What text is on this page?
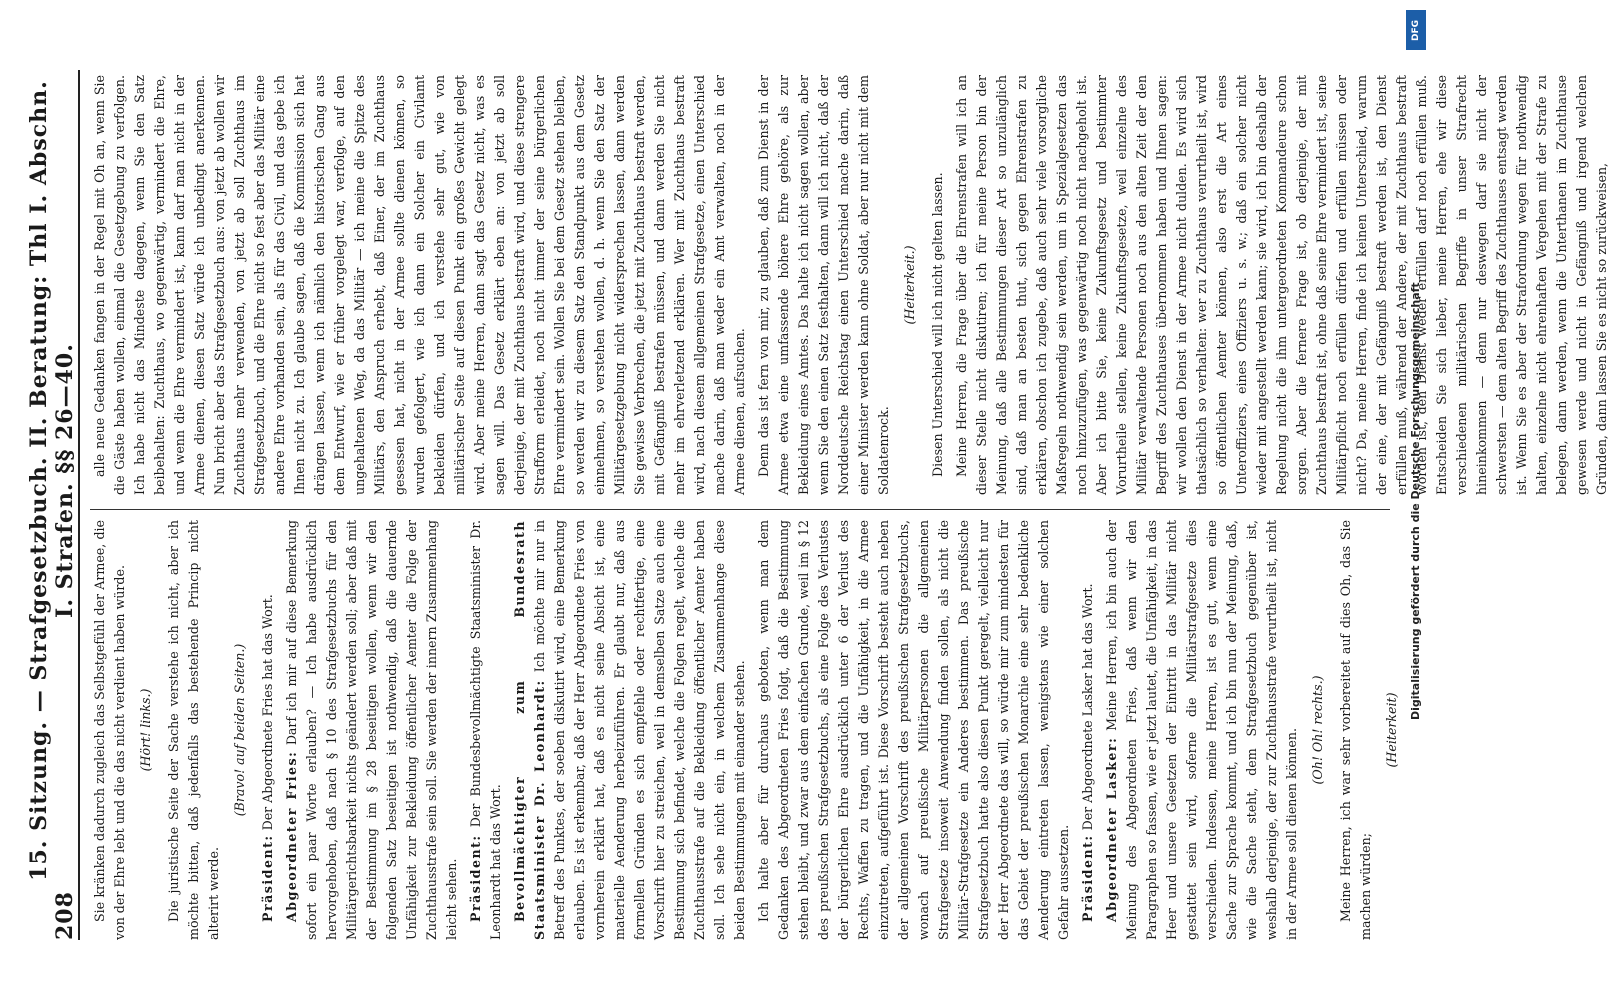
208
15. Sitzung. — Strafgesetzbuch. II. Beratung: Thl I. Abschn. I. Strafen. §§ 26—40.

Sie kränken dadurch zugleich das Selbstgefühl der Armee, die von der Ehre lebt und die das nicht verdient haben würde. (Hört! links.) Die juristische Seite der Sache verstehe ich nicht, aber ich möchte bitten, daß jedenfalls das bestehende Princip nicht alterirt werde.

(Bravo! auf beiden Seiten.)

Präsident: Der Abgeordnete Fries hat das Wort.

Abgeordneter Fries: Darf ich mir auf diese Bemerkung sofort ein paar Worte erlauben? — Ich habe ausdrücklich hervorgehoben, daß nach § 10 des Strafgesetzbuchs für den Militärgerichtsbarkeit nichts geändert werden soll; aber daß mit der Bestimmung im § 28 beseitigen wollen, wenn wir den folgenden Satz beseitigen ist nothwendig, daß die dauernde Unfähigkeit zur Bekleidung öffentlicher Aemter die Folge der Zuchthausstrafe sein soll. Sie werden der innern Zusammenhang leicht sehen. Präsident: Der Bundesbevollmächtigte Staatsminister Dr. Leonhardt hat das Wort. Bevollmächtigter zum Bundesrath Staatsminister Dr. Leonhardt: Ich möchte mir nur in Betreff des Punktes, der soeben diskutirt wird, eine Bemerkung erlauben. Es ist erkennbar, daß der Herr Abgeordnete Fries von vornherein erklärt hat, daß es nicht seine Absicht ist, eine materielle Aenderung herbeizuführen. Er glaubt nur, daß aus formellen Gründen es sich empfehle oder rechtfertige, eine Vorschrift hier zu streichen, weil in demselben Satze auch eine Bestimmung sich befindet, welche die Folgen regelt, welche die Zuchthausstrafe auf die Bekleidung öffentlicher Aemter haben soll. Ich sehe nicht ein, in welchem Zusammenhange diese beiden Bestimmungen mit einander stehen. Ich halte aber für durchaus geboten, wenn man dem Gedanken des Abgeordneten Fries folgt, daß die Bestimmung stehen bleibt, und zwar aus dem einfachen Grunde, weil im § 12 des preußischen Strafgesetzbuchs, als eine Folge des Verlustes der bürgerlichen Ehre ausdrücklich unter 6 der Verlust des Rechts, Waffen zu tragen, und die Unfähigkeit, in die Armee einzutreten, aufgeführt ist. Diese Vorschrift besteht auch neben der allgemeinen Vorschrift des preußischen Strafgesetzbuchs, wonach auf preußische Militärpersonen die allgemeinen Strafgesetze insoweit Anwendung finden sollen, als nicht die Militär-Strafgesetze ein Anderes bestimmen. Das preußische Strafgesetzbuch hatte also diesen Punkt geregelt, vielleicht nur der Herr Abgeordnete das will, so würde mir zum mindesten für das Gebiet der preußischen Monarchie eine sehr bedenkliche Aenderung eintreten lassen, wenigstens wie einer solchen Gefahr aussetzen. Präsident: Der Abgeordnete Lasker hat das Wort. Abgeordneter Lasker: Meine Herren, ich bin auch der Meinung des Abgeordneten Fries, daß wenn wir den Paragraphen so fassen, wie er jetzt lautet, die Unfähigkeit, in das Heer und unsere Gesetzen der Eintritt in das Militär nicht gestattet sein wird, soferne die Militärstrafgesetze dies verschieden. Indessen, meine Herren, ist es gut, wenn eine Sache zur Sprache kommt, und ich bin nun der Meinung, daß, wie die Sache steht, dem Strafgesetzbuch gegenüber ist, weshalb derjenige, der zur Zuchthausstrafe verurtheilt ist, nicht in der Armee soll dienen können. (Oh! Oh! rechts.) Meine Herren, ich war sehr vorbereitet auf dies Oh, das Sie machen würden;

(Heiterkeit)

alle neue Gedanken fangen in der Regel mit Oh an, wenn Sie die Gäste haben wollen, einmal die Gesetzgebung zu verfolgen. Ich habe nicht das Mindeste dagegen, wenn Sie den Satz beibehalten: Zuchthaus, wo gegenwärtig, vermindert die Ehre, und wenn die Ehre vermindert ist, kann darf man nicht in der Armee dienen, diesen Satz würde ich unbedingt anerkennen. Nun bricht aber das Strafgesetzbuch aus: von jetzt ab wollen wir Zuchthaus mehr verwenden, von jetzt ab soll Zuchthaus im Strafgesetzbuch, und die Ehre nicht so fest aber das Militär eine andere Ehre vorhanden sein, als für das Civil, und das gebe ich Ihnen nicht zu. Ich glaube sagen, daß die Kommission sich hat drängen lassen, wenn ich nämlich den historischen Gang aus dem Entwurf, wie er früher vorgelegt war, verfolge, auf den ungehaltenen Weg, da das Militär — ich meine die Spitze des Militärs, den Anspruch erhebt, daß Einer, der im Zuchthaus gesessen hat, nicht in der Armee sollte dienen können, so wurden gefolgert, wie ich dann ein Solcher ein Civilamt bekleiden dürfen, und ich verstehe sehr gut, wie von militärischer Seite auf diesen Punkt ein großes Gewicht gelegt wird. Aber meine Herren, dann sagt das Gesetz nicht, was es sagen will. Das Gesetz erklärt eben an: von jetzt ab soll derjenige, der mit Zuchthaus bestraft wird, und diese strengere Strafform erleidet, noch nicht immer der seine bürgerlichen Ehre vermindert sein. Wollen Sie bei dem Gesetz stehen bleiben, so werden wir zu diesem Satz den Standpunkt aus dem Gesetz einnehmen, so verstehen wollen, d. h. wenn Sie den Satz der Militärgesetzgebung nicht widersprechen lassen, dann werden Sie gewisse Verbrechen, die jetzt mit Zuchthaus bestraft werden, mit Gefängniß bestrafen müssen, und dann werden Sie nicht mehr im ehrverletzend erklären. Wer mit Zuchthaus bestraft wird, nach diesem allgemeinen Strafgesetze, einen Unterschied mache darin, daß man weder ein Amt verwalten, noch in der Armee dienen, aufsuchen. Denn das ist fern von mir, zu glauben, daß zum Dienst in der Armee etwa eine umfassende höhere Ehre gehöre, als zur Bekleidung eines Amtes. Das halte ich nicht sagen wollen, aber wenn Sie den einen Satz festhalten, dann will ich nicht, daß der Norddeutsche Reichstag einen Unterschied mache darin, daß einer Minister werden kann ohne Soldat, aber nur nicht mit dem Soldatenrock.

(Heiterkeit.) Diesen Unterschied will ich nicht gelten lassen. Meine Herren, die Frage über die Ehrenstrafen will ich an dieser Stelle nicht diskutiren; ich für meine Person bin der Meinung, daß alle Bestimmungen dieser Art so unzulänglich sind, daß man an besten thut, sich gegen Ehrenstrafen zu erklären, obschon ich zugebe, daß auch sehr viele vorsorgliche Maßregeln nothwendig sein werden, um in Spezialgesetzen das noch hinzuzufügen, was gegenwärtig noch nicht nachgeholt ist. Aber ich bitte Sie, keine Zukunftsgesetz und bestimmter Vorurtheile stellen, keine Zukunftsgesetze, weil einzelne des Militär verwaltende Personen noch aus den alten Zeit der den Begriff des Zuchthauses übernommen haben und Ihnen sagen: wir wollen den Dienst in der Armee nicht dulden. Es wird sich thatsächlich so verhalten: wer zu Zuchthaus verurtheilt ist, wird so öffentlichen Aemter können, also erst die Art eines Unteroffiziers, eines Offiziers u. s. w.; daß ein solcher nicht wieder mit angestellt werden kann; sie wird, ich bin deshalb der Regelung nicht die ihm untergeordneten Kommandeure schon sorgen. Aber die fernere Frage ist, ob derjenige, der mit Zuchthaus bestraft ist, ohne daß seine Ehre vermindert ist, seine Militärpflicht noch erfüllen dürfen und erfüllen müssen oder nicht? Da, meine Herren, finde ich keinen Unterschied, warum der eine, der mit Gefängniß bestraft werden ist, den Dienst erfüllen muß, während der Andere, der mit Zuchthaus bestraft worden ist, den Dienst weder erfüllen darf noch erfüllen muß. Entscheiden Sie sich lieber, meine Herren, ehe wir diese verschiedenen militärischen Begriffe in unser Strafrecht hineinkommen — denn nur deswegen darf sie nicht der schwersten — dem alten Begriff des Zuchthauses entsagt werden ist. Wenn Sie es aber der Strafordnung wegen für nothwendig halten, einzelne nicht ehrenhaften Vergehen mit der Strafe zu belegen, dann werden, wenn die Unterthanen im Zuchthause gewesen werde und nicht in Gefängniß und irgend welchen Gründen, dann lassen Sie es nicht so zurückweisen,

Digitalisierung gefördert durch die Deutsche Forschungsgemeinschaft
DFG
